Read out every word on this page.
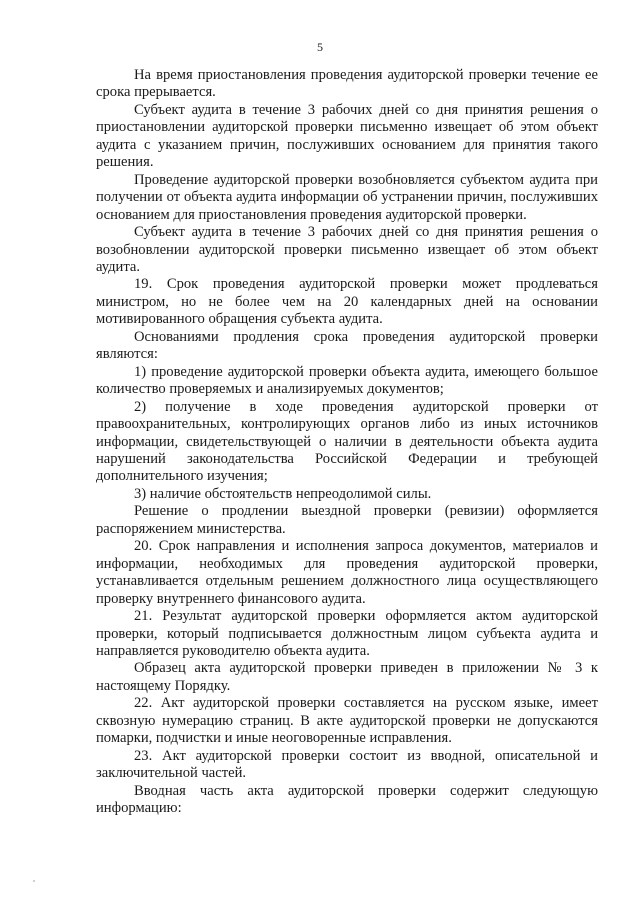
5

На время приостановления проведения аудиторской проверки течение ее срока прерывается.

Субъект аудита в течение 3 рабочих дней со дня принятия решения о приостановлении аудиторской проверки письменно извещает об этом объект аудита с указанием причин, послуживших основанием для принятия такого решения.

Проведение аудиторской проверки возобновляется субъектом аудита при получении от объекта аудита информации об устранении причин, послуживших основанием для приостановления проведения аудиторской проверки.

Субъект аудита в течение 3 рабочих дней со дня принятия решения о возобновлении аудиторской проверки письменно извещает об этом объект аудита.

19. Срок проведения аудиторской проверки может продлеваться министром, но не более чем на 20 календарных дней на основании мотивированного обращения субъекта аудита.

Основаниями продления срока проведения аудиторской проверки являются:

1) проведение аудиторской проверки объекта аудита, имеющего большое количество проверяемых и анализируемых документов;

2) получение в ходе проведения аудиторской проверки от правоохранительных, контролирующих органов либо из иных источников информации, свидетельствующей о наличии в деятельности объекта аудита нарушений законодательства Российской Федерации и требующей дополнительного изучения;

3) наличие обстоятельств непреодолимой силы.

Решение о продлении выездной проверки (ревизии) оформляется распоряжением министерства.

20. Срок направления и исполнения запроса документов, материалов и информации, необходимых для проведения аудиторской проверки, устанавливается отдельным решением должностного лица осуществляющего проверку внутреннего финансового аудита.

21. Результат аудиторской проверки оформляется актом аудиторской проверки, который подписывается должностным лицом субъекта аудита и направляется руководителю объекта аудита.

Образец акта аудиторской проверки приведен в приложении № 3 к настоящему Порядку.

22. Акт аудиторской проверки составляется на русском языке, имеет сквозную нумерацию страниц. В акте аудиторской проверки не допускаются помарки, подчистки и иные неоговоренные исправления.

23. Акт аудиторской проверки состоит из вводной, описательной и заключительной частей.

Вводная часть акта аудиторской проверки содержит следующую информацию:
